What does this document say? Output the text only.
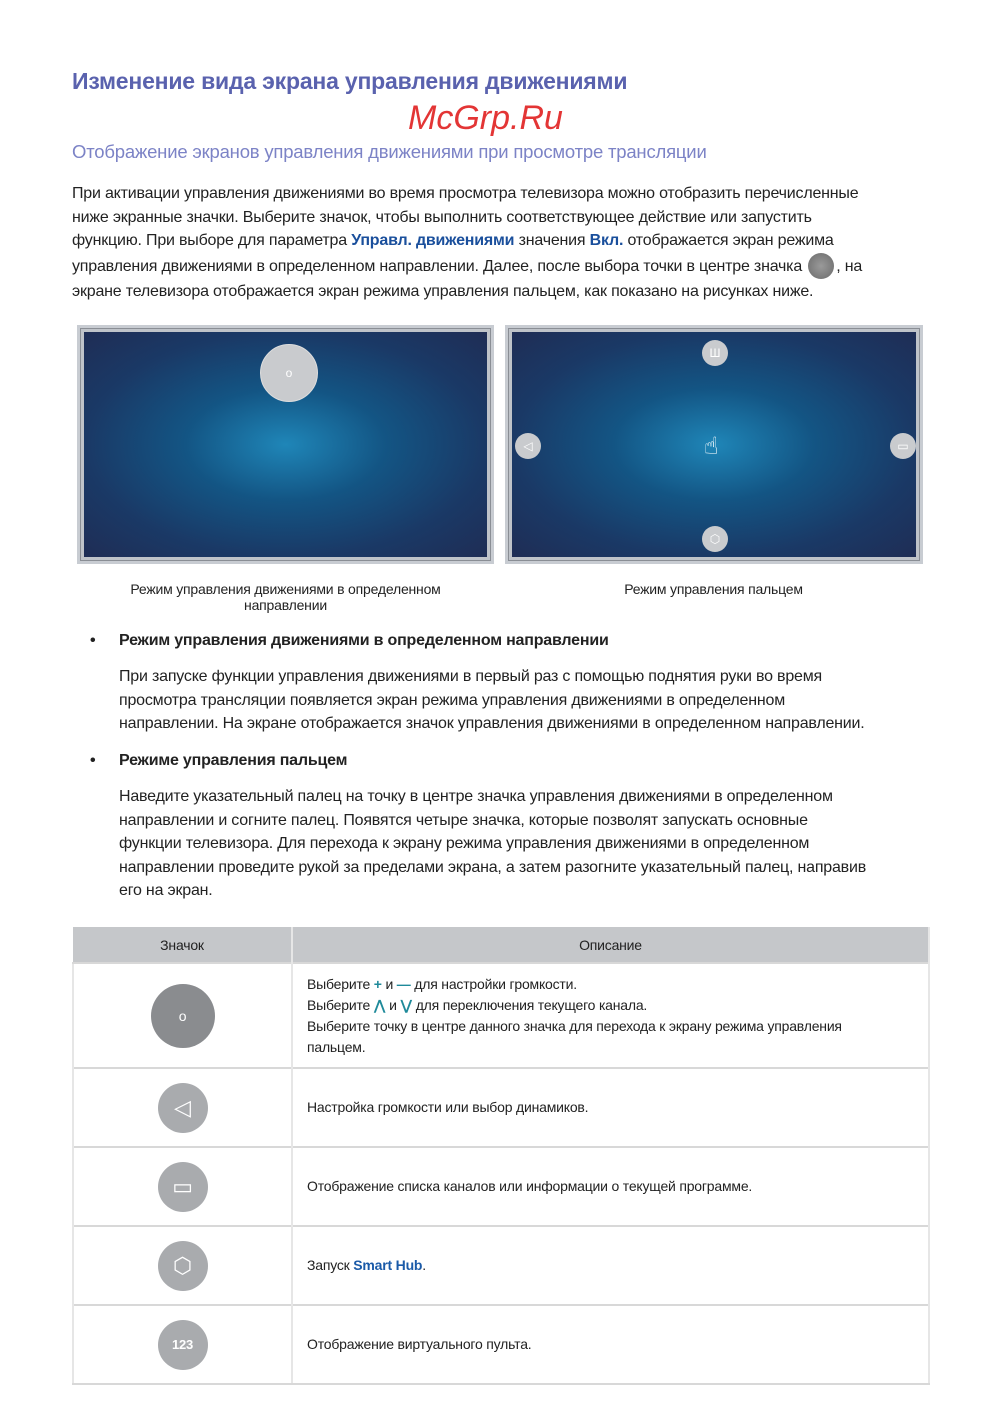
Изменение вида экрана управления движениями
Отображение экранов управления движениями при просмотре трансляции
При активации управления движениями во время просмотра телевизора можно отобразить перечисленные
ниже экранные значки. Выберите значок, чтобы выполнить соответствующее действие или запустить
функцию. При выборе для параметра Управл. движениями значения Вкл. отображается экран режима
управления движениями в определенном направлении. Далее, после выбора точки в центре значка , на
экране телевизора отображается экран режима управления пальцем, как показано на рисунках ниже.
o
Ш
◁	▭
⬡
☝
Режим управления движениями в определенном
направлении
Режим управления пальцем
• Режим управления движениями в определенном направлении
При запуске функции управления движениями в первый раз с помощью поднятия руки во время
просмотра трансляции появляется экран режима управления движениями в определенном
направлении. На экране отображается значок управления движениями в определенном направлении.
• Режиме управления пальцем
Наведите указательный палец на точку в центре значка управления движениями в определенном
направлении и согните палец. Появятся четыре значка, которые позволят запускать основные
функции телевизора. Для перехода к экрану режима управления движениями в определенном
направлении проведите рукой за пределами экрана, а затем разогните указательный палец, направив
его на экран.
Значок	Описание
o	Выберите + и — для настройки громкости.
Выберите ⋀ и ⋁ для переключения текущего канала.
Выберите точку в центре данного значка для перехода к экрану режима управления
пальцем.

◁	Настройка громкости или выбор динамиков.
▭	Отображение списка каналов или информации о текущей программе.
⬡	Запуск Smart Hub.
123	Отображение виртуального пульта.
McGrp.Ru
